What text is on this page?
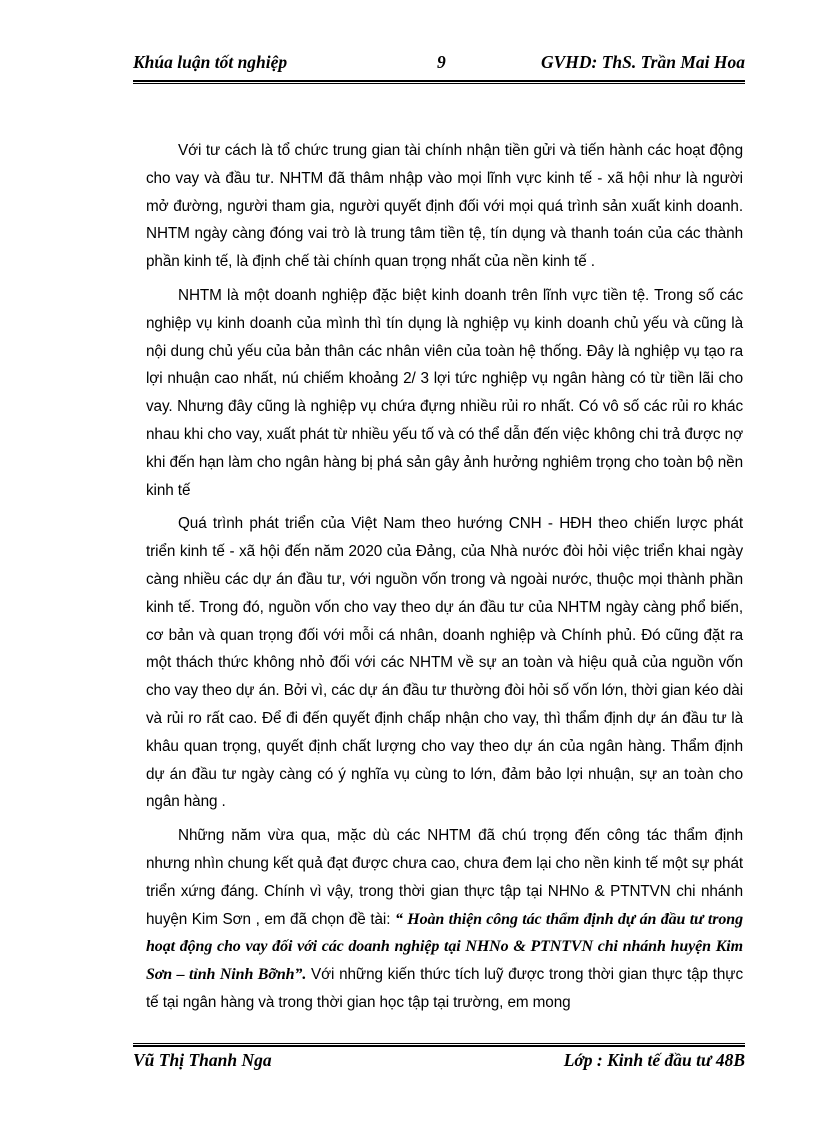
Khúa luận tốt nghiệp	9	GVHD: ThS. Trần Mai Hoa

Với tư cách là tổ chức trung gian tài chính nhận tiền gửi và tiến hành các hoạt động cho vay và đầu tư. NHTM đã thâm nhập vào mọi lĩnh vực kinh tế - xã hội như là người mở đường, người tham gia, người quyết định đối với mọi quá trình sản xuất kinh doanh. NHTM ngày càng đóng vai trò là trung tâm tiền tệ, tín dụng và thanh toán của các thành phần kinh tế, là định chế tài chính quan trọng nhất của nền kinh tế .

NHTM là một doanh nghiệp đặc biệt kinh doanh trên lĩnh vực tiền tệ. Trong số các nghiệp vụ kinh doanh của mình thì tín dụng là nghiệp vụ kinh doanh chủ yếu và cũng là nội dung chủ yếu của bản thân các nhân viên của toàn hệ thống. Đây là nghiệp vụ tạo ra lợi nhuận cao nhất, nú chiếm khoảng 2/ 3 lợi tức nghiệp vụ ngân hàng có từ tiền lãi cho vay. Nhưng đây cũng là nghiệp vụ chứa đựng nhiều rủi ro nhất. Có vô số các rủi ro khác nhau khi cho vay, xuất phát từ nhiều yếu tố và có thể dẫn đến việc không chi trả được nợ khi đến hạn làm cho ngân hàng bị phá sản gây ảnh hưởng nghiêm trọng cho toàn bộ nền kinh tế

Quá trình phát triển của Việt Nam theo hướng CNH - HĐH theo chiến lược phát triển kinh tế - xã hội đến năm 2020 của Đảng, của Nhà nước đòi hỏi việc triển khai ngày càng nhiều các dự án đầu tư, với nguồn vốn trong và ngoài nước, thuộc mọi thành phần kinh tế. Trong đó, nguồn vốn cho vay theo dự án đầu tư của NHTM ngày càng phổ biến, cơ bản và quan trọng đối với mỗi cá nhân, doanh nghiệp và Chính phủ. Đó cũng đặt ra một thách thức không nhỏ đối với các NHTM về sự an toàn và hiệu quả của nguồn vốn cho vay theo dự án. Bởi vì, các dự án đầu tư thường đòi hỏi số vốn lớn, thời gian kéo dài và rủi ro rất cao. Để đi đến quyết định chấp nhận cho vay, thì thẩm định dự án đầu tư là khâu quan trọng, quyết định chất lượng cho vay theo dự án của ngân hàng. Thẩm định dự án đầu tư ngày càng có ý nghĩa vụ cùng to lớn, đảm bảo lợi nhuận, sự an toàn cho ngân hàng .

Những năm vừa qua, mặc dù các NHTM đã chú trọng đến công tác thẩm định nhưng nhìn chung kết quả đạt được chưa cao, chưa đem lại cho nền kinh tế một sự phát triển xứng đáng. Chính vì vậy, trong thời gian thực tập tại NHNo & PTNTVN chi nhánh huyện Kim Sơn , em đã chọn đề tài: “ Hoàn thiện công tác thẩm định dự án đầu tư trong hoạt động cho vay đối với các doanh nghiệp tại NHNo & PTNTVN chi nhánh huyện Kim Sơn – tỉnh Ninh Bỡnh”. Với những kiến thức tích luỹ được trong thời gian thực tập thực tế tại ngân hàng và trong thời gian học tập tại trường, em mong

Vũ Thị Thanh Nga	Lớp : Kinh tế đầu tư 48B
